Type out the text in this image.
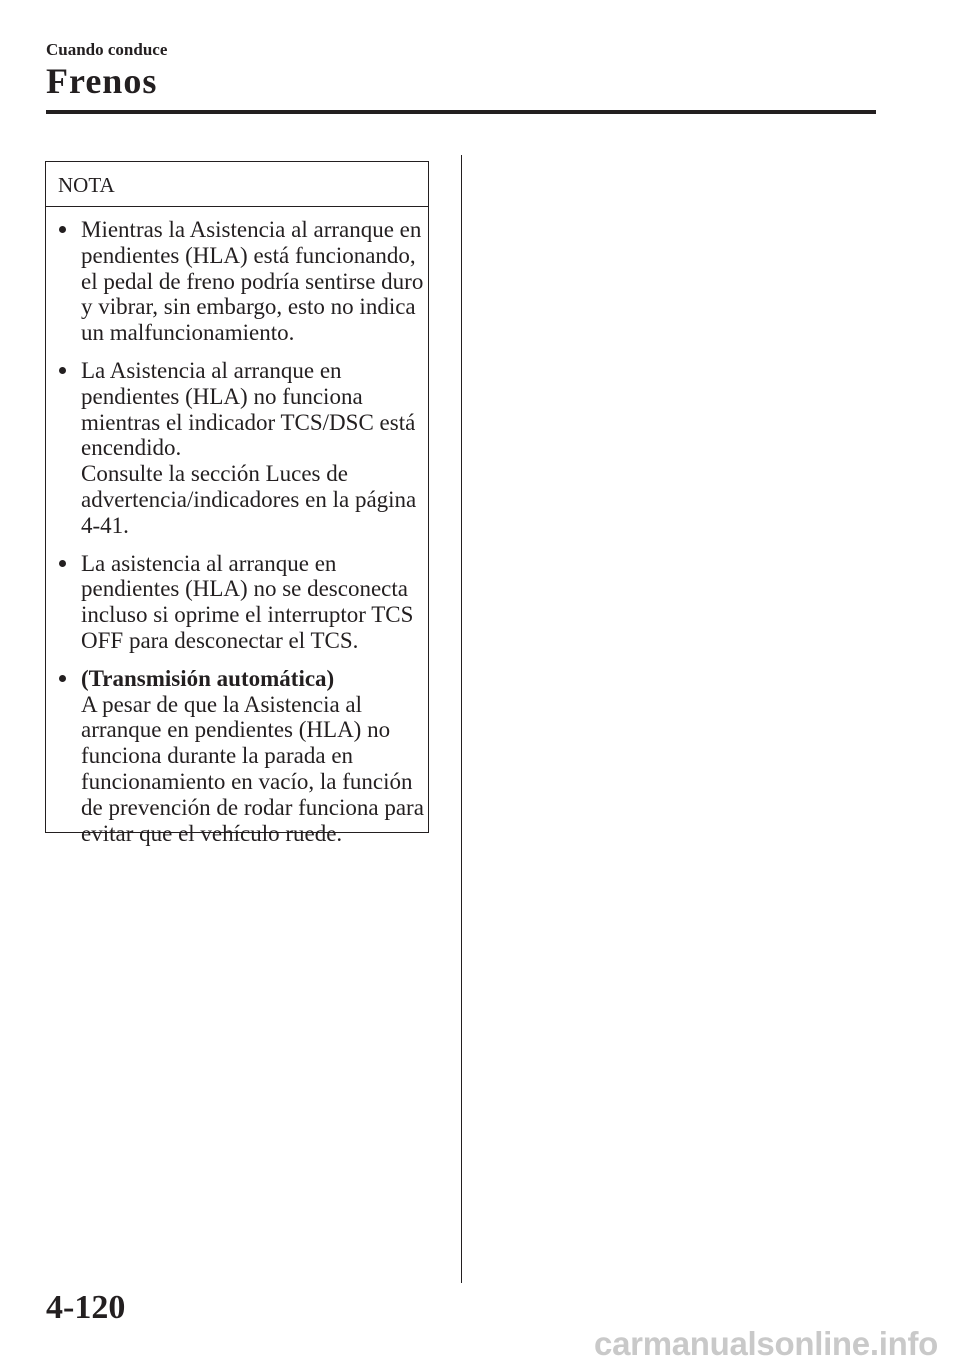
Cuando conduce
Frenos
NOTA
Mientras la Asistencia al arranque en
pendientes (HLA) está funcionando,
el pedal de freno podría sentirse duro
y vibrar, sin embargo, esto no indica
un malfuncionamiento.
La Asistencia al arranque en
pendientes (HLA) no funciona
mientras el indicador TCS/DSC está
encendido.
Consulte la sección Luces de
advertencia/indicadores en la página
4-41.
La asistencia al arranque en
pendientes (HLA) no se desconecta
incluso si oprime el interruptor TCS
OFF para desconectar el TCS.
(Transmisión automática)
A pesar de que la Asistencia al
arranque en pendientes (HLA) no
funciona durante la parada en
funcionamiento en vacío, la función
de prevención de rodar funciona para
evitar que el vehículo ruede.
4-120
carmanualsonline.info
